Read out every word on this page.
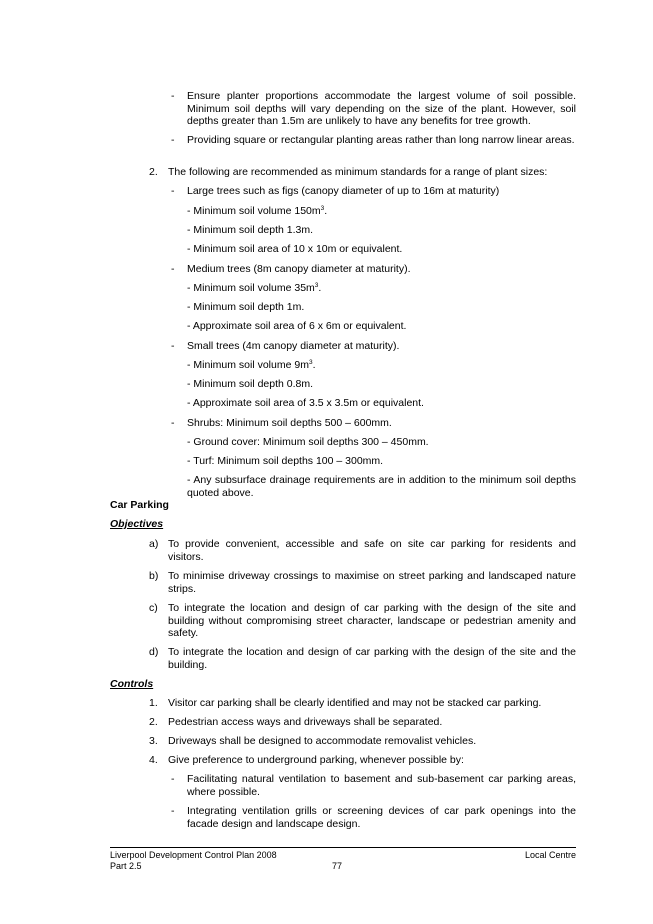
-	Ensure planter proportions accommodate the largest volume of soil possible. Minimum soil depths will vary depending on the size of the plant. However, soil depths greater than 1.5m are unlikely to have any benefits for tree growth.
-	Providing square or rectangular planting areas rather than long narrow linear areas.
2. The following are recommended as minimum standards for a range of plant sizes:
-	Large trees such as figs (canopy diameter of up to 16m at maturity)
- Minimum soil volume $150m^3$.
- Minimum soil depth 1.3m.
- Minimum soil area of 10 x 10m or equivalent.
-	Medium trees (8m canopy diameter at maturity).
- Minimum soil volume $35m^3$.
- Minimum soil depth 1m.
- Approximate soil area of 6 x 6m or equivalent.
-	Small trees (4m canopy diameter at maturity).
- Minimum soil volume $9m^3$.
- Minimum soil depth 0.8m.
- Approximate soil area of 3.5 x 3.5m or equivalent.
-	Shrubs: Minimum soil depths 500 – 600mm.
- Ground cover: Minimum soil depths 300 – 450mm.
- Turf: Minimum soil depths 100 – 300mm.
- Any subsurface drainage requirements are in addition to the minimum soil depths quoted above.
Car Parking
Objectives
a) To provide convenient, accessible and safe on site car parking for residents and visitors.
b) To minimise driveway crossings to maximise on street parking and landscaped nature strips.
c) To integrate the location and design of car parking with the design of the site and building without compromising street character, landscape or pedestrian amenity and safety.
d) To integrate the location and design of car parking with the design of the site and the building.
Controls
1. Visitor car parking shall be clearly identified and may not be stacked car parking.
2. Pedestrian access ways and driveways shall be separated.
3. Driveways shall be designed to accommodate removalist vehicles.
4. Give preference to underground parking, whenever possible by:
-	Facilitating natural ventilation to basement and sub-basement car parking areas, where possible.
-	Integrating ventilation grills or screening devices of car park openings into the facade design and landscape design.
Liverpool Development Control Plan 2008
Part 2.5	77
Local Centre
